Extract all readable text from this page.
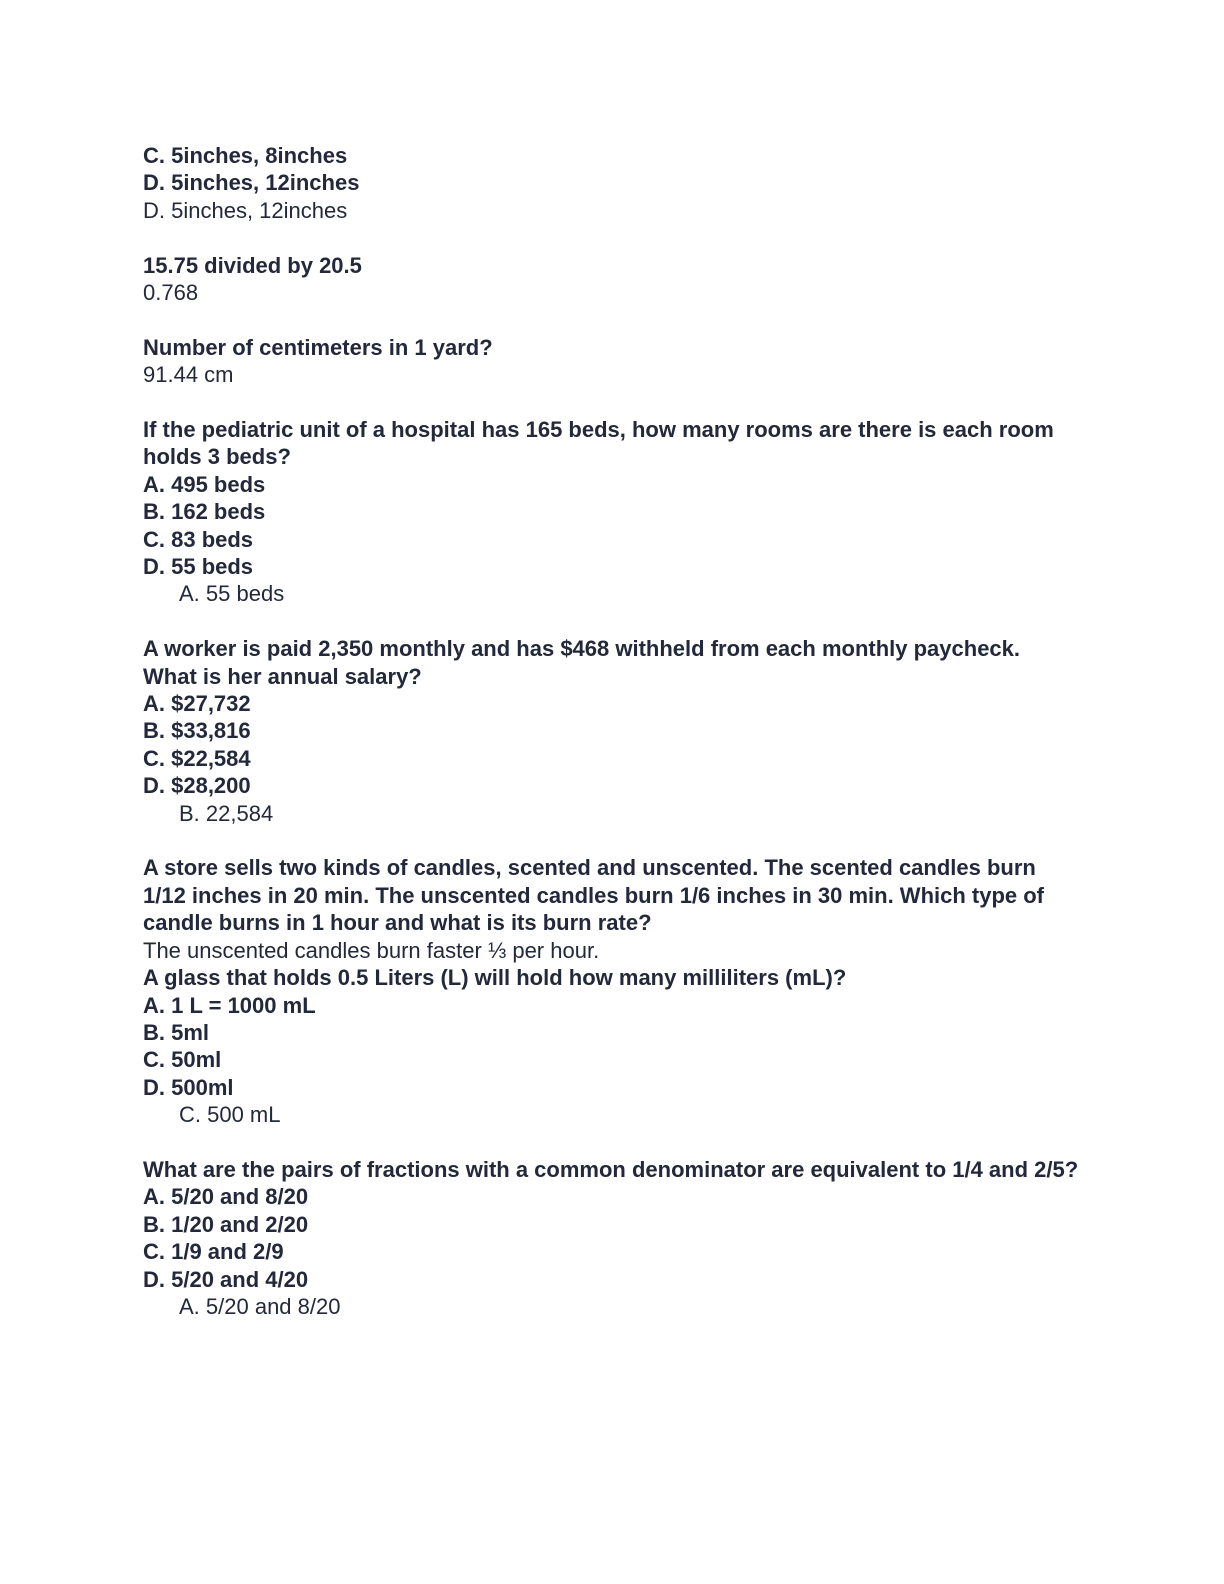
C. 5inches, 8inches

D. 5inches, 12inches

D. 5inches, 12inches

15.75 divided by 20.5

0.768

Number of centimeters in 1 yard?

91.44 cm

If the pediatric unit of a hospital has 165 beds, how many rooms are there is each room holds 3 beds?

A. 495 beds

B. 162 beds

C. 83 beds

D. 55 beds

A. 55 beds

A worker is paid 2,350 monthly and has $468 withheld from each monthly paycheck.

What is her annual salary?

A. $27,732

B. $33,816

C. $22,584

D. $28,200

B. 22,584

A store sells two kinds of candles, scented and unscented. The scented candles burn 1/12 inches in 20 min. The unscented candles burn 1/6 inches in 30 min. Which type of candle burns in 1 hour and what is its burn rate?

The unscented candles burn faster ⅓ per hour.

A glass that holds 0.5 Liters (L) will hold how many milliliters (mL)?

A. 1 L = 1000 mL

B. 5ml

C. 50ml

D. 500ml

C. 500 mL

What are the pairs of fractions with a common denominator are equivalent to 1/4 and 2/5?

A. 5/20 and 8/20

B. 1/20 and 2/20

C. 1/9 and 2/9

D. 5/20 and 4/20

A. 5/20 and 8/20
